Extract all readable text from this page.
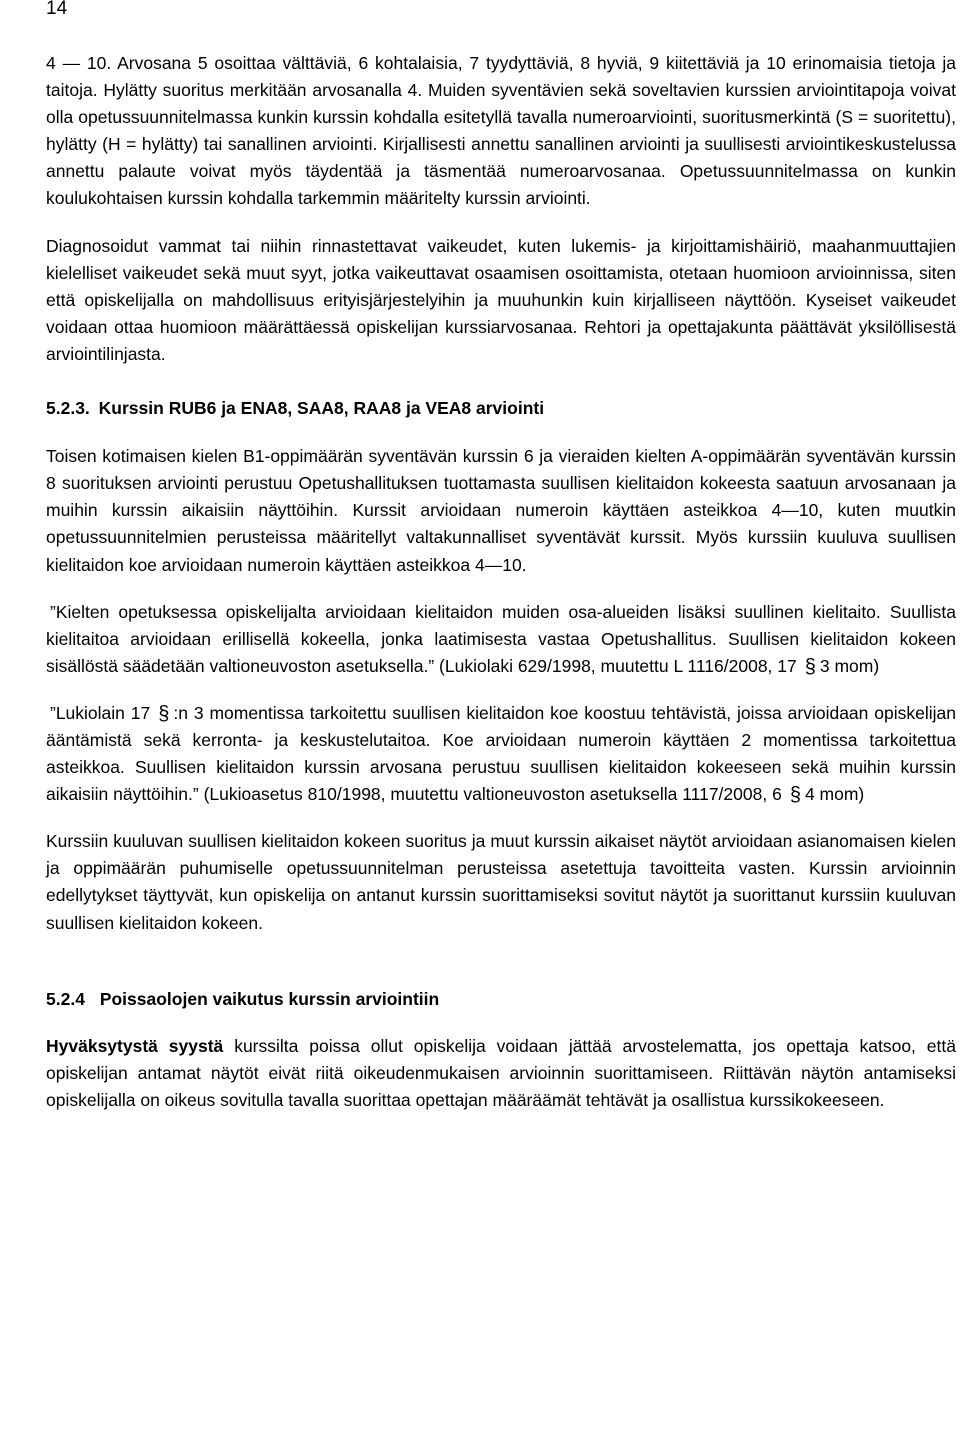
14

4 — 10. Arvosana 5 osoittaa välttäviä, 6 kohtalaisia, 7 tyydyttäviä, 8 hyviä, 9 kiitettäviä ja 10 erinomaisia tietoja ja taitoja. Hylätty suoritus merkitään arvosanalla 4. Muiden syventävien sekä soveltavien kurssien arviointitapoja voivat olla opetussuunnitelmassa kunkin kurssin kohdalla esitetyllä tavalla numeroarviointi, suoritusmerkintä (S = suoritettu), hylätty (H = hylätty) tai sanallinen arviointi. Kirjallisesti annettu sanallinen arviointi ja suullisesti arviointikeskustelussa annettu palaute voivat myös täydentää ja täsmentää numeroarvosanaa. Opetussuunnitelmassa on kunkin koulukohtaisen kurssin kohdalla tarkemmin määritelty kurssin arviointi.

Diagnosoidut vammat tai niihin rinnastettavat vaikeudet, kuten lukemis- ja kirjoittamishäiriö, maahanmuuttajien kielelliset vaikeudet sekä muut syyt, jotka vaikeuttavat osaamisen osoittamista, otetaan huomioon arvioinnissa, siten että opiskelijalla on mahdollisuus erityisjärjestelyihin ja muuhunkin kuin kirjalliseen näyttöön. Kyseiset vaikeudet voidaan ottaa huomioon määrättäessä opiskelijan kurssiarvosanaa. Rehtori ja opettajakunta päättävät yksilöllisestä arviointilinjasta.

5.2.3. Kurssin RUB6 ja ENA8, SAA8, RAA8 ja VEA8 arviointi

Toisen kotimaisen kielen B1-oppimäärän syventävän kurssin 6 ja vieraiden kielten A-oppimäärän syventävän kurssin 8 suorituksen arviointi perustuu Opetushallituksen tuottamasta suullisen kielitaidon kokeesta saatuun arvosanaan ja muihin kurssin aikaisiin näyttöihin. Kurssit arvioidaan numeroin käyttäen asteikkoa 4—10, kuten muutkin opetussuunnitelmien perusteissa määritellyt valtakunnalliset syventävät kurssit. Myös kurssiin kuuluva suullisen kielitaidon koe arvioidaan numeroin käyttäen asteikkoa 4—10.

”Kielten opetuksessa opiskelijalta arvioidaan kielitaidon muiden osa-alueiden lisäksi suullinen kielitaito. Suullista kielitaitoa arvioidaan erillisellä kokeella, jonka laatimisesta vastaa Opetushallitus. Suullisen kielitaidon kokeen sisällöstä säädetään valtioneuvoston asetuksella.” (Lukiolaki 629/1998, muutettu L 1116/2008, 17 § 3 mom)

”Lukiolain 17 § :n 3 momentissa tarkoitettu suullisen kielitaidon koe koostuu tehtävistä, joissa arvioidaan opiskelijan ääntämistä sekä kerronta- ja keskustelutaitoa. Koe arvioidaan numeroin käyttäen 2 momentissa tarkoitettua asteikkoa. Suullisen kielitaidon kurssin arvosana perustuu suullisen kielitaidon kokeeseen sekä muihin kurssin aikaisiin näyttöihin.” (Lukioasetus 810/1998, muutettu valtioneuvoston asetuksella 1117/2008, 6 § 4 mom)

Kurssiin kuuluvan suullisen kielitaidon kokeen suoritus ja muut kurssin aikaiset näytöt arvioidaan asianomaisen kielen ja oppimäärän puhumiselle opetussuunnitelman perusteissa asetettuja tavoitteita vasten. Kurssin arvioinnin edellytykset täyttyvät, kun opiskelija on antanut kurssin suorittamiseksi sovitut näytöt ja suorittanut kurssiin kuuluvan suullisen kielitaidon kokeen.

5.2.4 Poissaolojen vaikutus kurssin arviointiin

Hyväksytystä syystä kurssilta poissa ollut opiskelija voidaan jättää arvostelematta, jos opettaja katsoo, että opiskelijan antamat näytöt eivät riitä oikeudenmukaisen arvioinnin suorittamiseen. Riittävän näytön antamiseksi opiskelijalla on oikeus sovitulla tavalla suorittaa opettajan määräämät tehtävät ja osallistua kurssikokeeseen.
